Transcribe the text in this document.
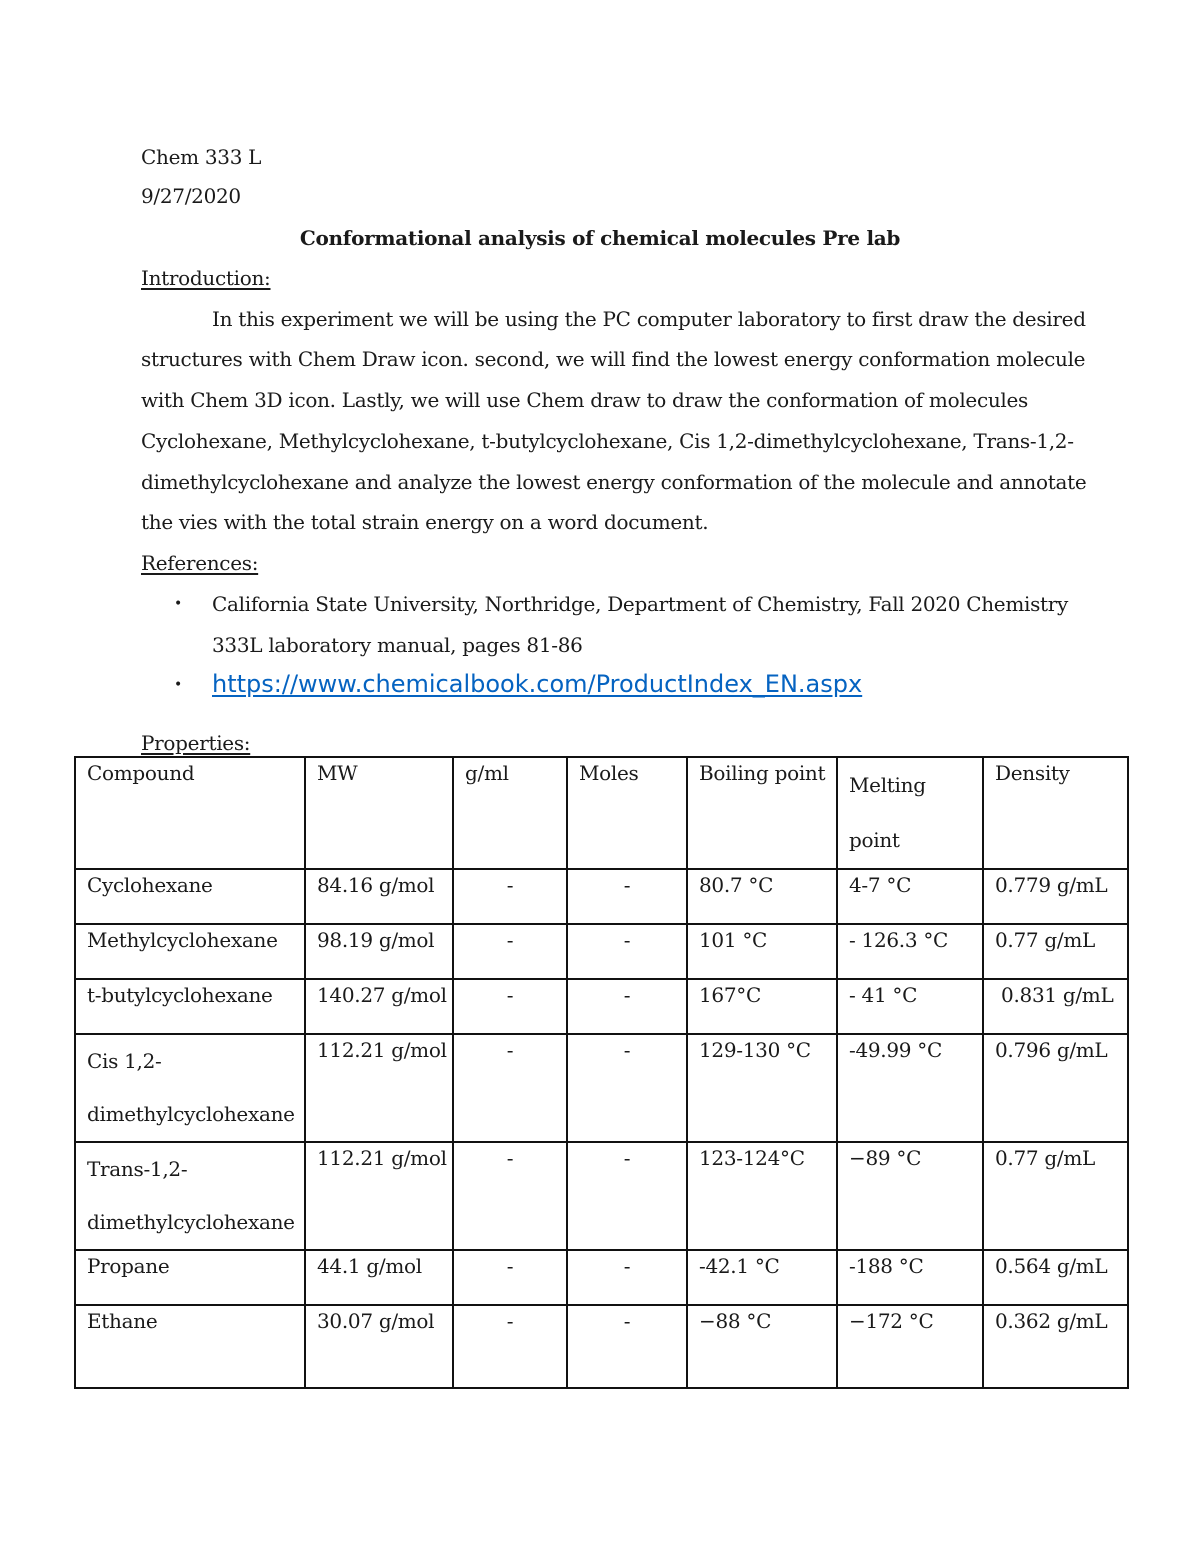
Chem 333 L
9/27/2020
Conformational analysis of chemical molecules Pre lab
Introduction:
In this experiment we will be using the PC computer laboratory to first draw the desired
structures with Chem Draw icon. second, we will find the lowest energy conformation molecule
with Chem 3D icon. Lastly, we will use Chem draw to draw the conformation of molecules
Cyclohexane, Methylcyclohexane, t-butylcyclohexane, Cis 1,2-dimethylcyclohexane, Trans-1,2-
dimethylcyclohexane and analyze the lowest energy conformation of the molecule and annotate
the vies with the total strain energy on a word document.
References:
• California State University, Northridge, Department of Chemistry, Fall 2020 Chemistry
333L laboratory manual, pages 81-86
• https://www.chemicalbook.com/ProductIndex_EN.aspx
Properties:
Compound	MW	g/ml	Moles	Boiling point	Melting point	Density
Cyclohexane	84.16 g/mol	-	-	80.7 °C	4-7 °C	0.779 g/mL
Methylcyclohexane	98.19 g/mol	-	-	101 °C	- 126.3 °C	0.77 g/mL
t-butylcyclohexane	140.27 g/mol	-	-	167°C	- 41 °C	0.831 g/mL
Cis 1,2- dimethylcyclohexane	112.21 g/mol	-	-	129-130 °C	-49.99 °C	0.796 g/mL
Trans-1,2- dimethylcyclohexane	112.21 g/mol	-	-	123-124°C	−89 °C	0.77 g/mL
Propane	44.1 g/mol	-	-	-42.1 °C	-188 °C	0.564 g/mL
Ethane	30.07 g/mol	-	-	−88 °C	−172 °C	0.362 g/mL
